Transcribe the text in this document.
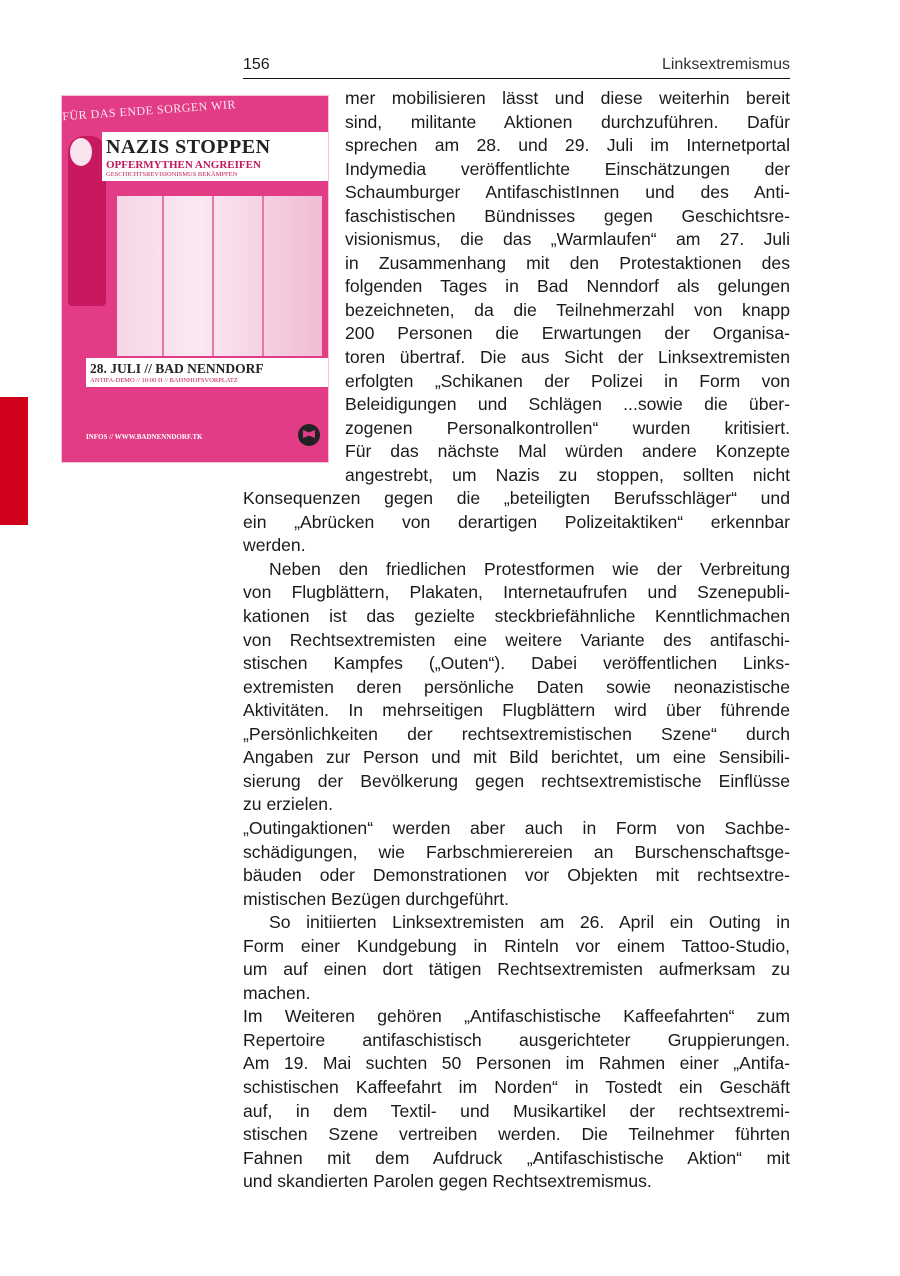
156	Linksextremismus
FÜR DAS ENDE SORGEN WIR
NAZIS STOPPEN
OPFERMYTHEN ANGREIFEN
GESCHICHTSREVISIONISMUS BEKÄMPFEN
28. JULI // BAD NENNDORF
ANTIFA-DEMO // 10:00 H // BAHNHOFSVORPLATZ
INFOS // WWW.BADNENNDORF.TK
mer mobilisieren lässt und diese weiterhin bereit
sind, militante Aktionen durchzuführen. Dafür
sprechen am 28. und 29. Juli im Internetportal
Indymedia veröffentlichte Einschätzungen der
Schaumburger AntifaschistInnen und des Anti-
faschistischen Bündnisses gegen Geschichtsre-
visionismus, die das „Warmlaufen“ am 27. Juli
in Zusammenhang mit den Protestaktionen des
folgenden Tages in Bad Nenndorf als gelungen
bezeichneten, da die Teilnehmerzahl von knapp
200 Personen die Erwartungen der Organisa-
toren übertraf. Die aus Sicht der Linksextremisten
erfolgten „Schikanen der Polizei in Form von
Beleidigungen und Schlägen ...sowie die über-
zogenen Personalkontrollen“ wurden kritisiert.
Für das nächste Mal würden andere Konzepte
angestrebt, um Nazis zu stoppen, sollten nicht
Konsequenzen gegen die „beteiligten Berufsschläger“ und
ein „Abrücken von derartigen Polizeitaktiken“ erkennbar
werden.
Neben den friedlichen Protestformen wie der Verbreitung
von Flugblättern, Plakaten, Internetaufrufen und Szenepubli-
kationen ist das gezielte steckbriefähnliche Kenntlichmachen
von Rechtsextremisten eine weitere Variante des antifaschi-
stischen Kampfes („Outen“). Dabei veröffentlichen Links-
extremisten deren persönliche Daten sowie neonazistische
Aktivitäten. In mehrseitigen Flugblättern wird über führende
„Persönlichkeiten der rechtsextremistischen Szene“ durch
Angaben zur Person und mit Bild berichtet, um eine Sensibili-
sierung der Bevölkerung gegen rechtsextremistische Einflüsse
zu erzielen.
„Outingaktionen“ werden aber auch in Form von Sachbe-
schädigungen, wie Farbschmierereien an Burschenschaftsge-
bäuden oder Demonstrationen vor Objekten mit rechtsextre-
mistischen Bezügen durchgeführt.
So initiierten Linksextremisten am 26. April ein Outing in
Form einer Kundgebung in Rinteln vor einem Tattoo-Studio,
um auf einen dort tätigen Rechtsextremisten aufmerksam zu
machen.
Im Weiteren gehören „Antifaschistische Kaffeefahrten“ zum
Repertoire antifaschistisch ausgerichteter Gruppierungen.
Am 19. Mai suchten 50 Personen im Rahmen einer „Antifa-
schistischen Kaffeefahrt im Norden“ in Tostedt ein Geschäft
auf, in dem Textil- und Musikartikel der rechtsextremi-
stischen Szene vertreiben werden. Die Teilnehmer führten
Fahnen mit dem Aufdruck „Antifaschistische Aktion“ mit
und skandierten Parolen gegen Rechtsextremismus.
